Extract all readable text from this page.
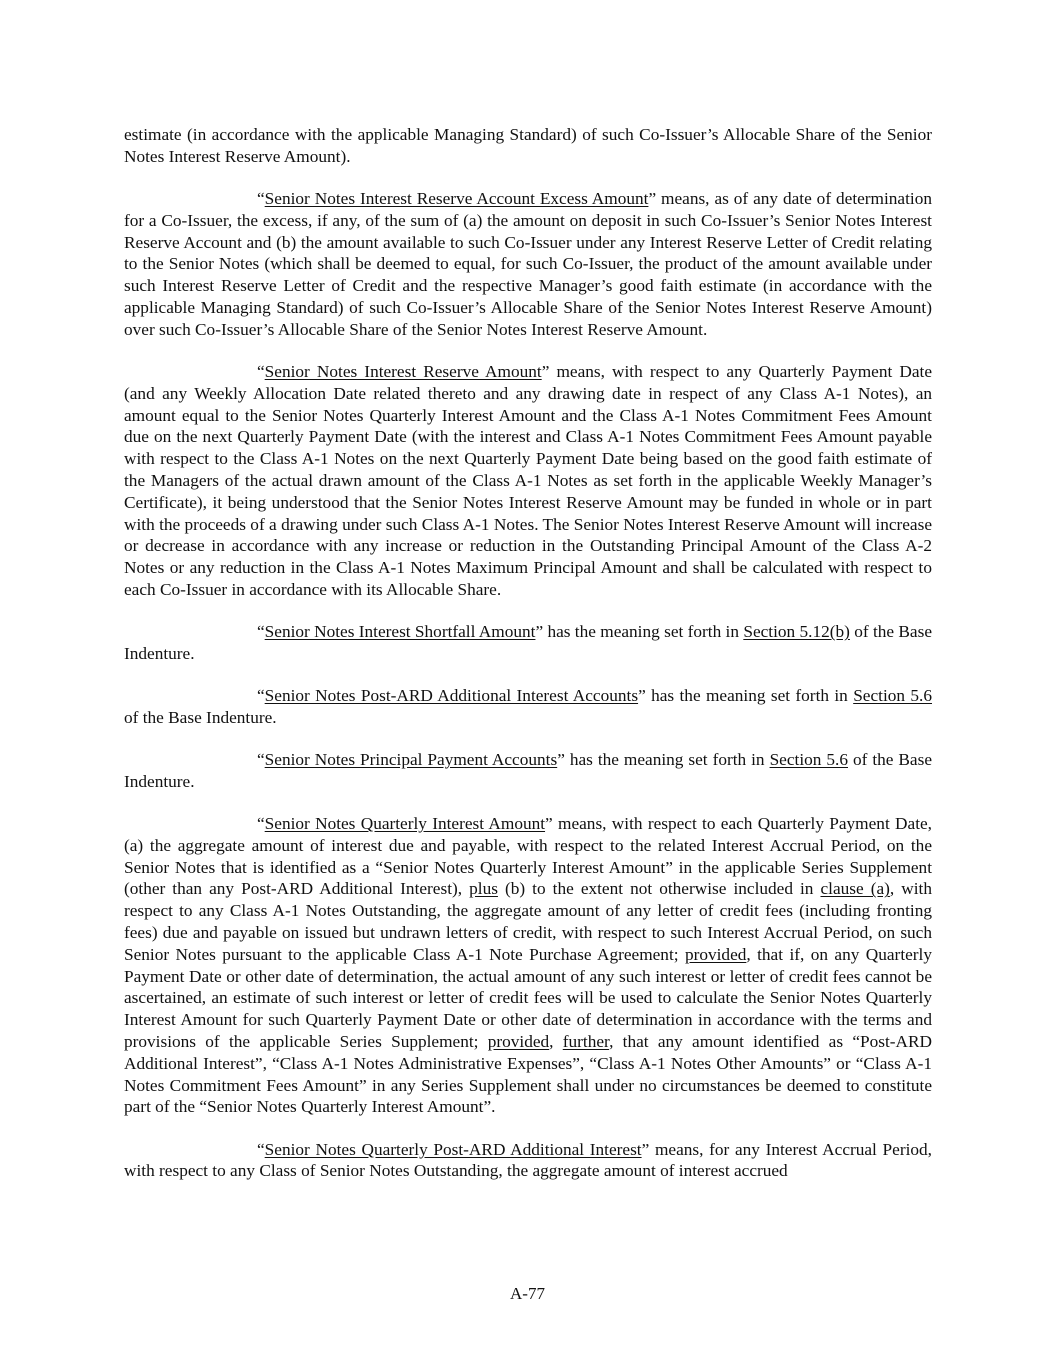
estimate (in accordance with the applicable Managing Standard) of such Co-Issuer’s Allocable Share of the Senior Notes Interest Reserve Amount).

“Senior Notes Interest Reserve Account Excess Amount” means, as of any date of determination for a Co-Issuer, the excess, if any, of the sum of (a) the amount on deposit in such Co-Issuer’s Senior Notes Interest Reserve Account and (b) the amount available to such Co-Issuer under any Interest Reserve Letter of Credit relating to the Senior Notes (which shall be deemed to equal, for such Co-Issuer, the product of the amount available under such Interest Reserve Letter of Credit and the respective Manager’s good faith estimate (in accordance with the applicable Managing Standard) of such Co-Issuer’s Allocable Share of the Senior Notes Interest Reserve Amount) over such Co-Issuer’s Allocable Share of the Senior Notes Interest Reserve Amount.

“Senior Notes Interest Reserve Amount” means, with respect to any Quarterly Payment Date (and any Weekly Allocation Date related thereto and any drawing date in respect of any Class A-1 Notes), an amount equal to the Senior Notes Quarterly Interest Amount and the Class A-1 Notes Commitment Fees Amount due on the next Quarterly Payment Date (with the interest and Class A-1 Notes Commitment Fees Amount payable with respect to the Class A-1 Notes on the next Quarterly Payment Date being based on the good faith estimate of the Managers of the actual drawn amount of the Class A-1 Notes as set forth in the applicable Weekly Manager’s Certificate), it being understood that the Senior Notes Interest Reserve Amount may be funded in whole or in part with the proceeds of a drawing under such Class A-1 Notes. The Senior Notes Interest Reserve Amount will increase or decrease in accordance with any increase or reduction in the Outstanding Principal Amount of the Class A-2 Notes or any reduction in the Class A-1 Notes Maximum Principal Amount and shall be calculated with respect to each Co-Issuer in accordance with its Allocable Share.

“Senior Notes Interest Shortfall Amount” has the meaning set forth in Section 5.12(b) of the Base Indenture.

“Senior Notes Post-ARD Additional Interest Accounts” has the meaning set forth in Section 5.6 of the Base Indenture.

“Senior Notes Principal Payment Accounts” has the meaning set forth in Section 5.6 of the Base Indenture.

“Senior Notes Quarterly Interest Amount” means, with respect to each Quarterly Payment Date, (a) the aggregate amount of interest due and payable, with respect to the related Interest Accrual Period, on the Senior Notes that is identified as a “Senior Notes Quarterly Interest Amount” in the applicable Series Supplement (other than any Post-ARD Additional Interest), plus (b) to the extent not otherwise included in clause (a), with respect to any Class A-1 Notes Outstanding, the aggregate amount of any letter of credit fees (including fronting fees) due and payable on issued but undrawn letters of credit, with respect to such Interest Accrual Period, on such Senior Notes pursuant to the applicable Class A-1 Note Purchase Agreement; provided, that if, on any Quarterly Payment Date or other date of determination, the actual amount of any such interest or letter of credit fees cannot be ascertained, an estimate of such interest or letter of credit fees will be used to calculate the Senior Notes Quarterly Interest Amount for such Quarterly Payment Date or other date of determination in accordance with the terms and provisions of the applicable Series Supplement; provided, further, that any amount identified as “Post-ARD Additional Interest”, “Class A-1 Notes Administrative Expenses”, “Class A-1 Notes Other Amounts” or “Class A-1 Notes Commitment Fees Amount” in any Series Supplement shall under no circumstances be deemed to constitute part of the “Senior Notes Quarterly Interest Amount”.

“Senior Notes Quarterly Post-ARD Additional Interest” means, for any Interest Accrual Period, with respect to any Class of Senior Notes Outstanding, the aggregate amount of interest accrued

A-77
